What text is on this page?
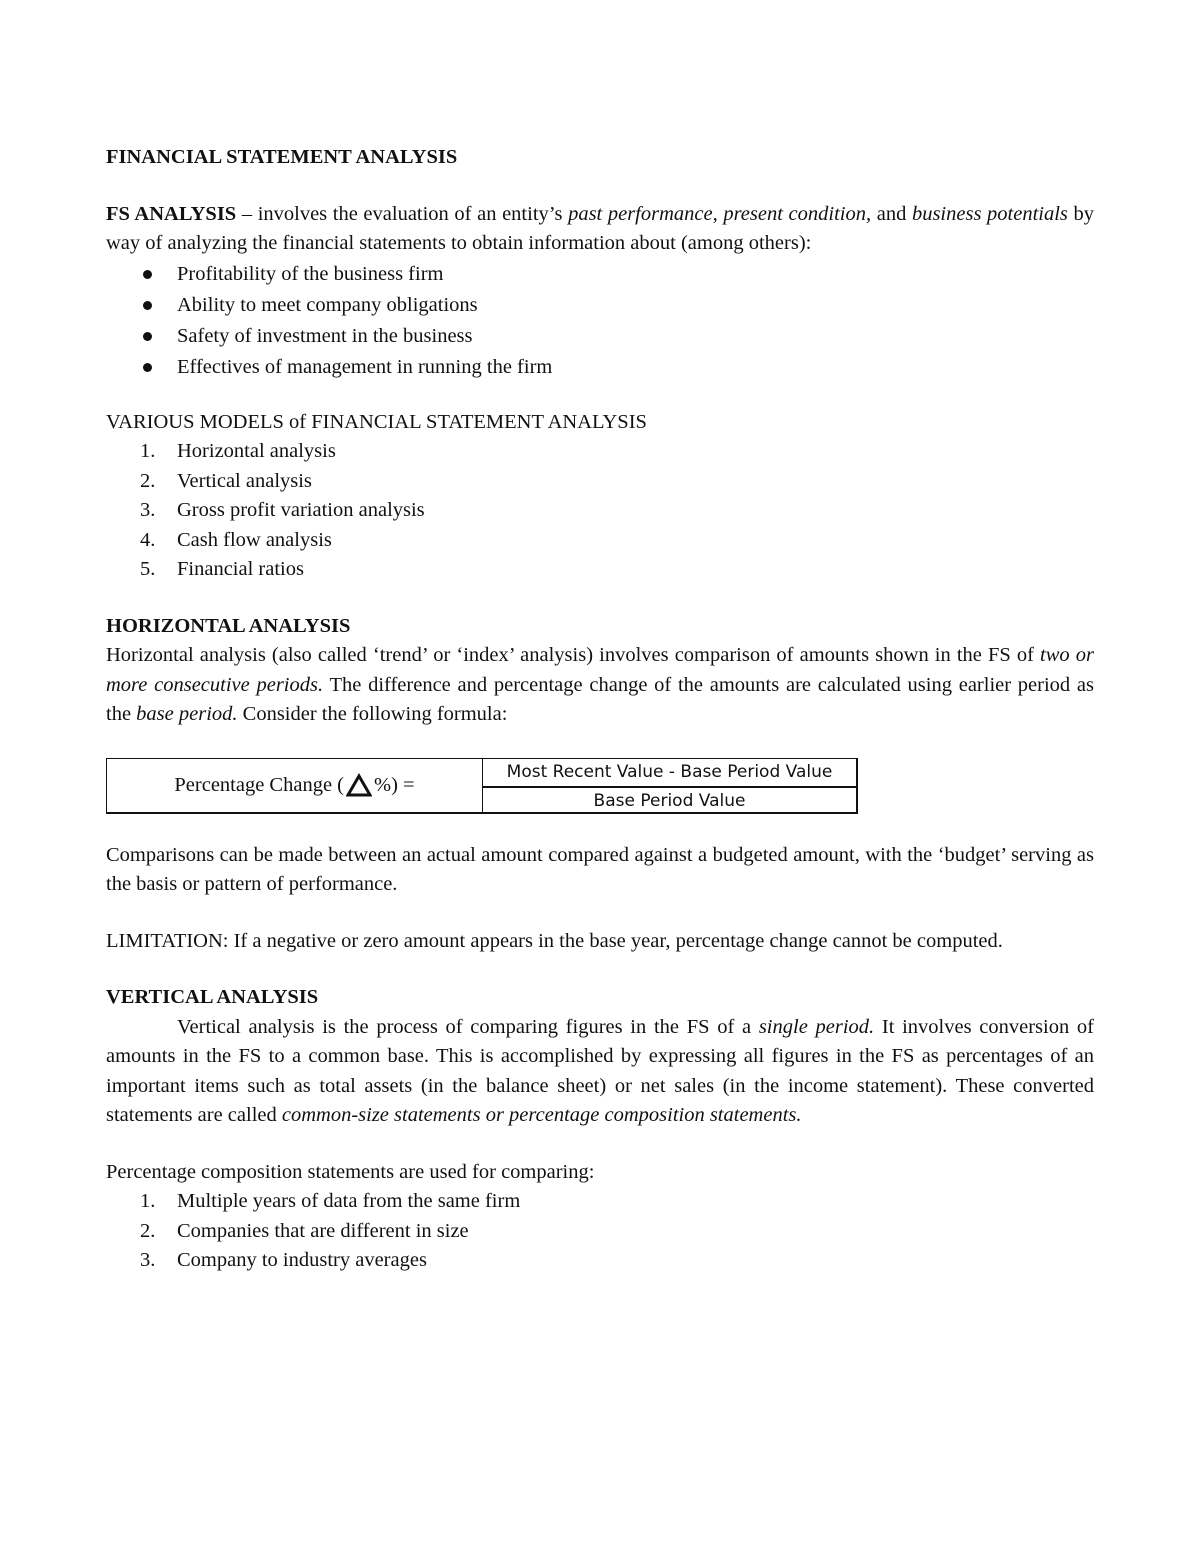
FINANCIAL STATEMENT ANALYSIS

FS ANALYSIS – involves the evaluation of an entity’s past performance, present condition, and business potentials by way of analyzing the financial statements to obtain information about (among others):

Profitability of the business firm
Ability to meet company obligations
Safety of investment in the business
Effectives of management in running the firm

VARIOUS MODELS of FINANCIAL STATEMENT ANALYSIS

1. Horizontal analysis
2. Vertical analysis
3. Gross profit variation analysis
4. Cash flow analysis
5. Financial ratios

HORIZONTAL ANALYSIS

Horizontal analysis (also called ‘trend’ or ‘index’ analysis) involves comparison of amounts shown in the FS of two or more consecutive periods. The difference and percentage change of the amounts are calculated using earlier period as the base period. Consider the following formula:

Percentage Change ( %) =
Most Recent Value - Base Period Value
Base Period Value

Comparisons can be made between an actual amount compared against a budgeted amount, with the ‘budget’ serving as the basis or pattern of performance.

LIMITATION: If a negative or zero amount appears in the base year, percentage change cannot be computed.

VERTICAL ANALYSIS

Vertical analysis is the process of comparing figures in the FS of a single period. It involves conversion of amounts in the FS to a common base. This is accomplished by expressing all figures in the FS as percentages of an important items such as total assets (in the balance sheet) or net sales (in the income statement). These converted statements are called common-size statements or percentage composition statements.

Percentage composition statements are used for comparing:

1. Multiple years of data from the same firm
2. Companies that are different in size
3. Company to industry averages
